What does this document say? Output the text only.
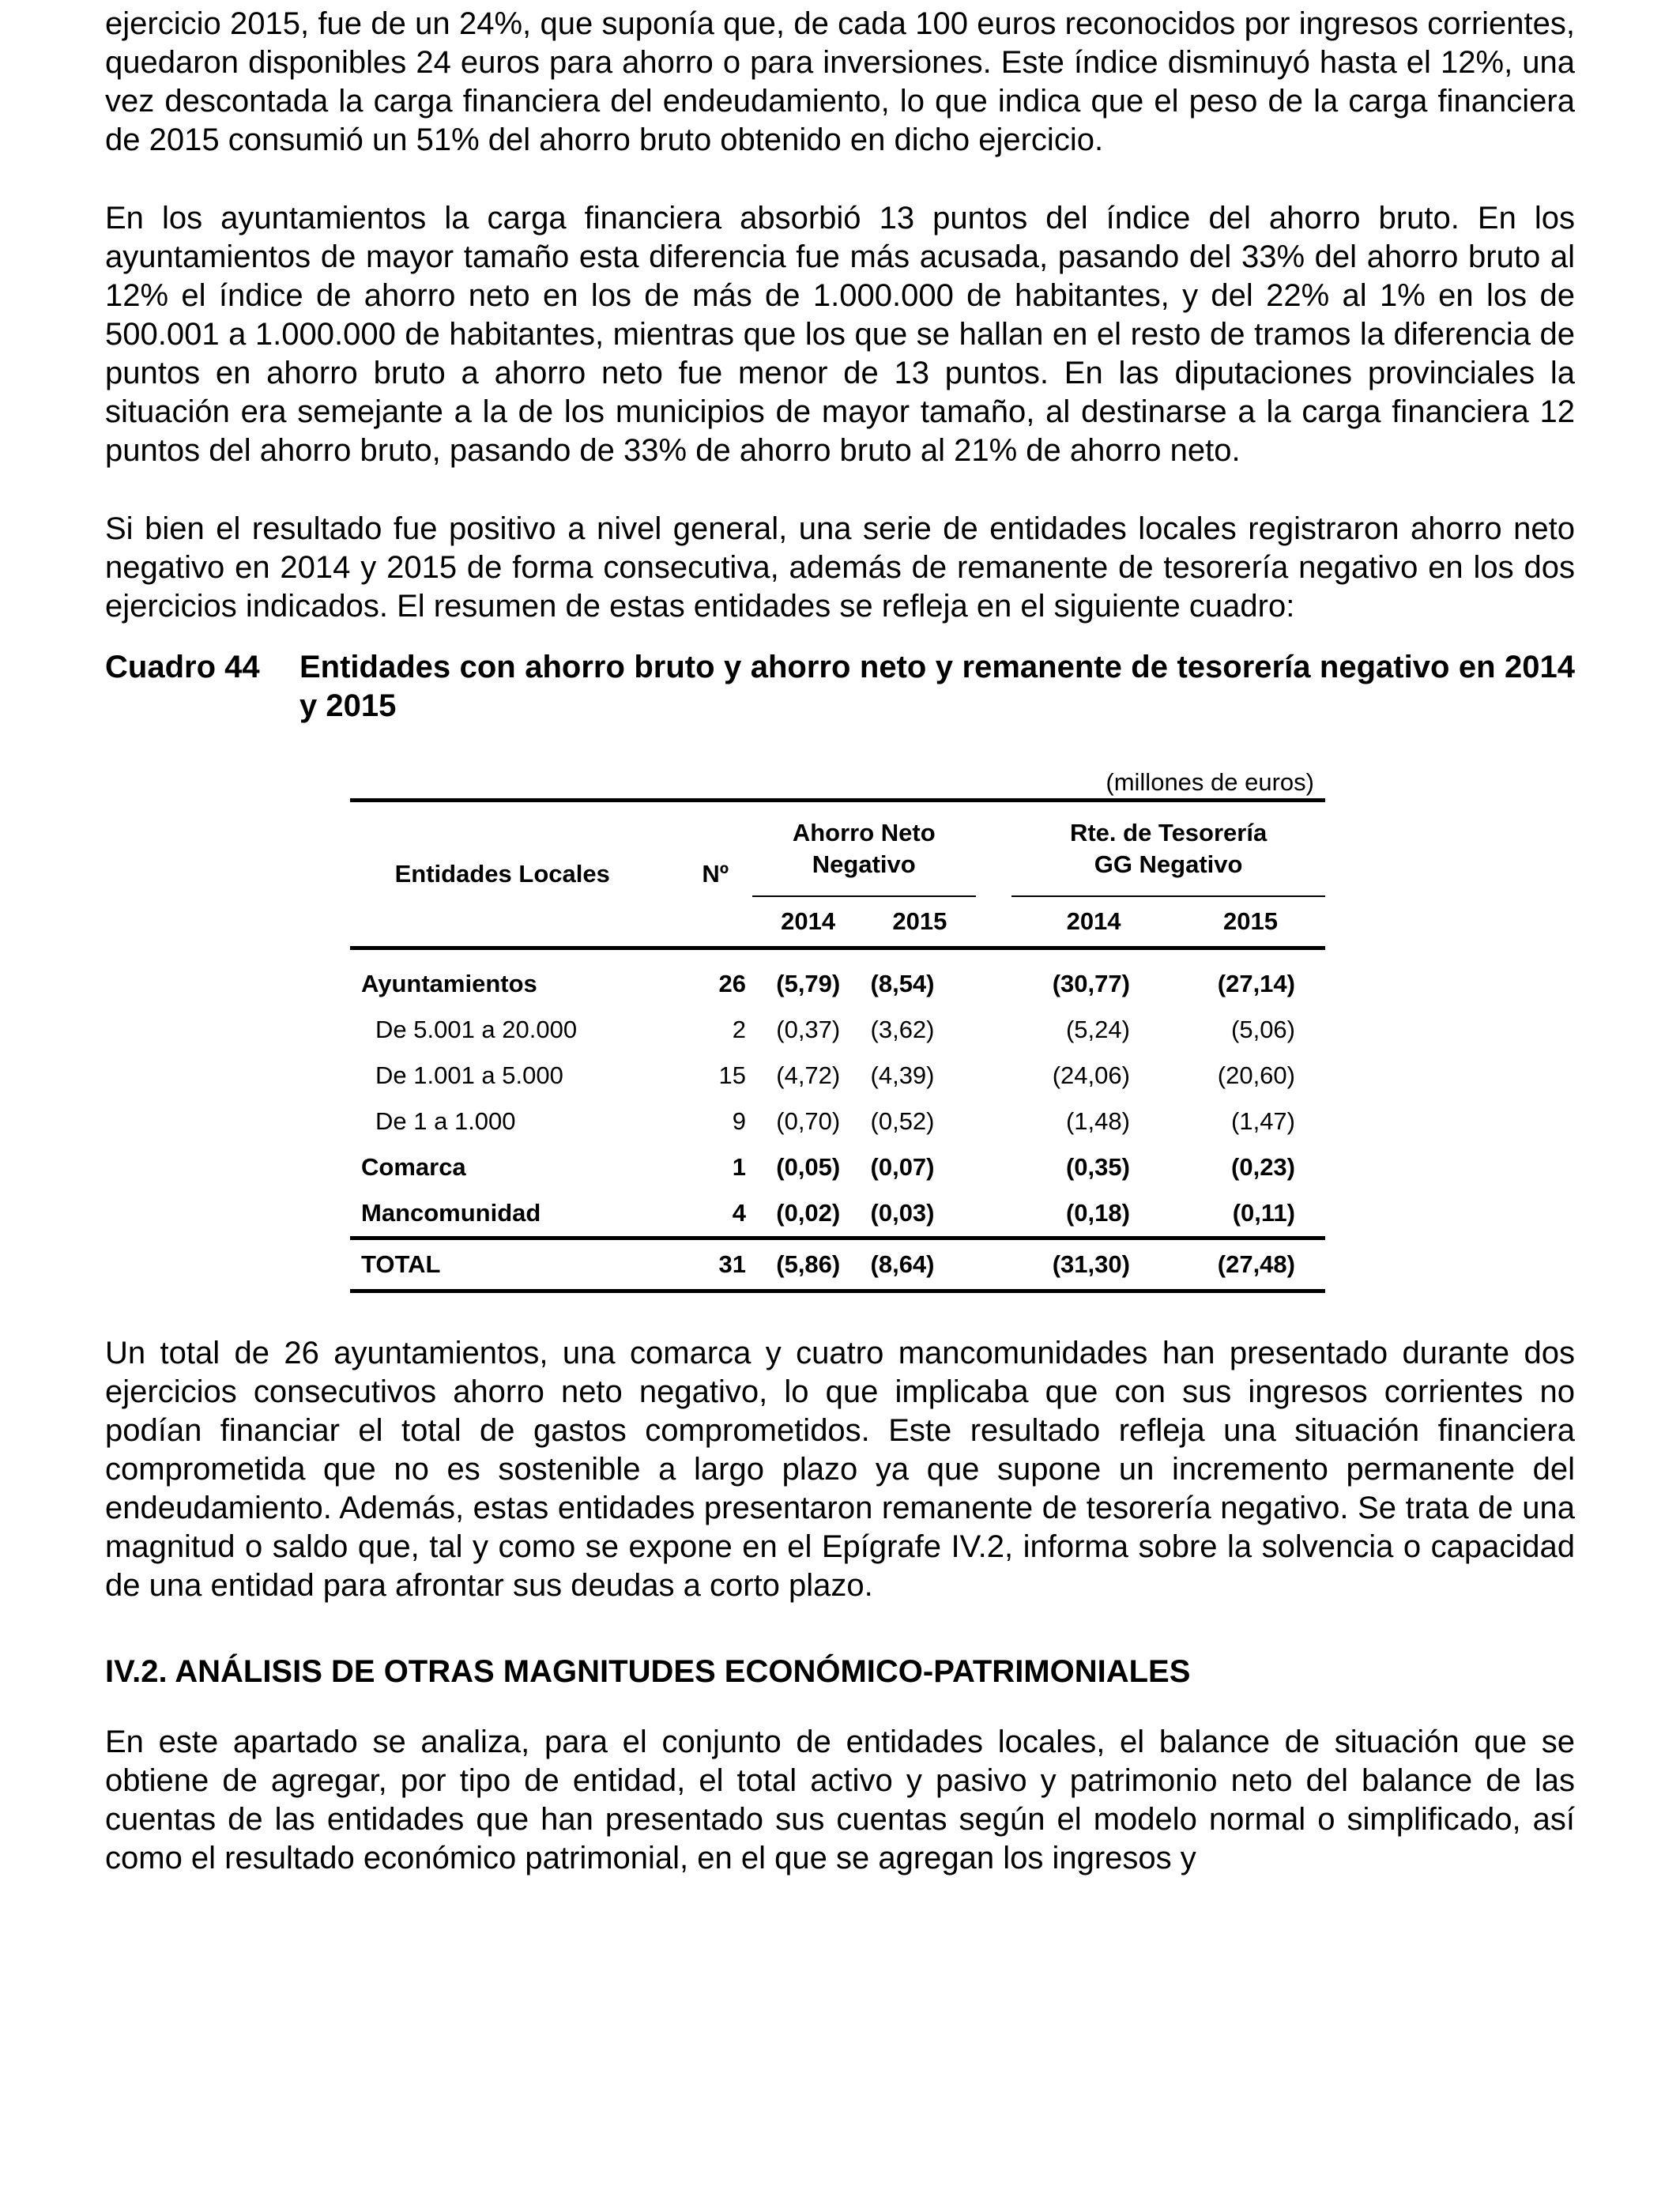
ejercicio 2015, fue de un 24%, que suponía que, de cada 100 euros reconocidos por ingresos corrientes, quedaron disponibles 24 euros para ahorro o para inversiones. Este índice disminuyó hasta el 12%, una vez descontada la carga financiera del endeudamiento, lo que indica que el peso de la carga financiera de 2015 consumió un 51% del ahorro bruto obtenido en dicho ejercicio.

En los ayuntamientos la carga financiera absorbió 13 puntos del índice del ahorro bruto. En los ayuntamientos de mayor tamaño esta diferencia fue más acusada, pasando del 33% del ahorro bruto al 12% el índice de ahorro neto en los de más de 1.000.000 de habitantes, y del 22% al 1% en los de 500.001 a 1.000.000 de habitantes, mientras que los que se hallan en el resto de tramos la diferencia de puntos en ahorro bruto a ahorro neto fue menor de 13 puntos. En las diputaciones provinciales la situación era semejante a la de los municipios de mayor tamaño, al destinarse a la carga financiera 12 puntos del ahorro bruto, pasando de 33% de ahorro bruto al 21% de ahorro neto.

Si bien el resultado fue positivo a nivel general, una serie de entidades locales registraron ahorro neto negativo en 2014 y 2015 de forma consecutiva, además de remanente de tesorería negativo en los dos ejercicios indicados. El resumen de estas entidades se refleja en el siguiente cuadro:

Cuadro 44	Entidades con ahorro bruto y ahorro neto y remanente de tesorería negativo en 2014 y 2015
(millones de euros)
Entidades Locales	Nº	Ahorro Neto Negativo			Rte. de Tesorería GG Negativo	
		2014	2015		2014	2015
Ayuntamientos	26	(5,79)	(8,54)		(30,77)	(27,14)
De 5.001 a 20.000	2	(0,37)	(3,62)		(5,24)	(5,06)
De 1.001 a 5.000	15	(4,72)	(4,39)		(24,06)	(20,60)
De 1 a 1.000	9	(0,70)	(0,52)		(1,48)	(1,47)
Comarca	1	(0,05)	(0,07)		(0,35)	(0,23)
Mancomunidad	4	(0,02)	(0,03)		(0,18)	(0,11)
TOTAL	31	(5,86)	(8,64)		(31,30)	(27,48)

Un total de 26 ayuntamientos, una comarca y cuatro mancomunidades han presentado durante dos ejercicios consecutivos ahorro neto negativo, lo que implicaba que con sus ingresos corrientes no podían financiar el total de gastos comprometidos. Este resultado refleja una situación financiera comprometida que no es sostenible a largo plazo ya que supone un incremento permanente del endeudamiento. Además, estas entidades presentaron remanente de tesorería negativo. Se trata de una magnitud o saldo que, tal y como se expone en el Epígrafe IV.2, informa sobre la solvencia o capacidad de una entidad para afrontar sus deudas a corto plazo.

IV.2. ANÁLISIS DE OTRAS MAGNITUDES ECONÓMICO-PATRIMONIALES

En este apartado se analiza, para el conjunto de entidades locales, el balance de situación que se obtiene de agregar, por tipo de entidad, el total activo y pasivo y patrimonio neto del balance de las cuentas de las entidades que han presentado sus cuentas según el modelo normal o simplificado, así como el resultado económico patrimonial, en el que se agregan los ingresos y
